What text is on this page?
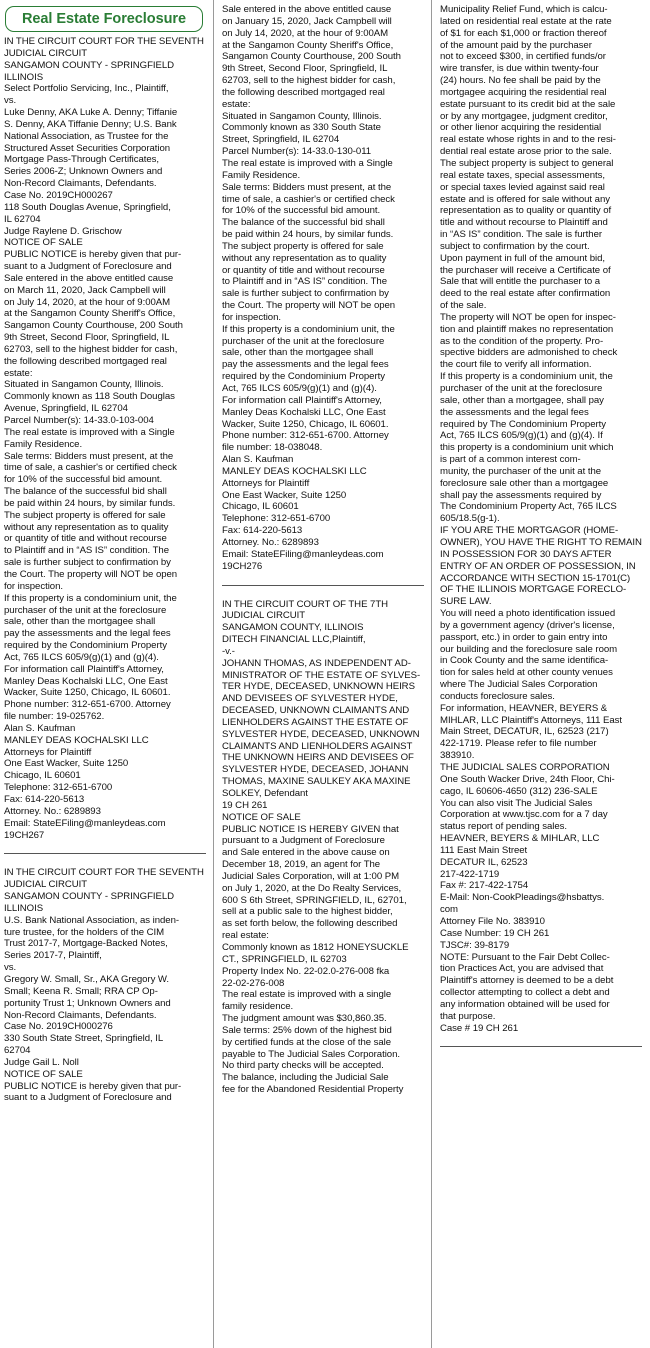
Real Estate Foreclosure
IN THE CIRCUIT COURT FOR THE SEVENTH
JUDICIAL CIRCUIT
SANGAMON COUNTY - SPRINGFIELD
ILLINOIS
Select Portfolio Servicing, Inc., Plaintiff,
vs.
Luke Denny, AKA Luke A. Denny; Tiffanie
S. Denny, AKA Tiffanie Denny; U.S. Bank
National Association, as Trustee for the
Structured Asset Securities Corporation
Mortgage Pass-Through Certificates,
Series 2006-Z; Unknown Owners and
Non-Record Claimants, Defendants.
Case No. 2019CH000267
118 South Douglas Avenue, Springfield,
IL 62704
Judge Raylene D. Grischow
NOTICE OF SALE
PUBLIC NOTICE is hereby given that pur-
suant to a Judgment of Foreclosure and
Sale entered in the above entitled cause
on March 11, 2020, Jack Campbell will
on July 14, 2020, at the hour of 9:00AM
at the Sangamon County Sheriff's Office,
Sangamon County Courthouse, 200 South
9th Street, Second Floor, Springfield, IL
62703, sell to the highest bidder for cash,
the following described mortgaged real
estate:
Situated in Sangamon County, Illinois.
Commonly known as 118 South Douglas
Avenue, Springfield, IL 62704
Parcel Number(s): 14-33.0-103-004
The real estate is improved with a Single
Family Residence.
Sale terms: Bidders must present, at the
time of sale, a cashier's or certified check
for 10% of the successful bid amount.
The balance of the successful bid shall
be paid within 24 hours, by similar funds.
The subject property is offered for sale
without any representation as to quality
or quantity of title and without recourse
to Plaintiff and in “AS IS” condition. The
sale is further subject to confirmation by
the Court. The property will NOT be open
for inspection.
If this property is a condominium unit, the
purchaser of the unit at the foreclosure
sale, other than the mortgagee shall
pay the assessments and the legal fees
required by the Condominium Property
Act, 765 ILCS 605/9(g)(1) and (g)(4).
For information call Plaintiff's Attorney,
Manley Deas Kochalski LLC, One East
Wacker, Suite 1250, Chicago, IL 60601.
Phone number: 312-651-6700. Attorney
file number: 19-025762.
Alan S. Kaufman
MANLEY DEAS KOCHALSKI LLC
Attorneys for Plaintiff
One East Wacker, Suite 1250
Chicago, IL 60601
Telephone: 312-651-6700
Fax: 614-220-5613
Attorney. No.: 6289893
Email: StateEFiling@manleydeas.com
19CH267
IN THE CIRCUIT COURT FOR THE SEVENTH
JUDICIAL CIRCUIT
SANGAMON COUNTY - SPRINGFIELD
ILLINOIS
U.S. Bank National Association, as inden-
ture trustee, for the holders of the CIM
Trust 2017-7, Mortgage-Backed Notes,
Series 2017-7, Plaintiff,
vs.
Gregory W. Small, Sr., AKA Gregory W.
Small; Keena R. Small; RRA CP Op-
portunity Trust 1; Unknown Owners and
Non-Record Claimants, Defendants.
Case No. 2019CH000276
330 South State Street, Springfield, IL
62704
Judge Gail L. Noll
NOTICE OF SALE
PUBLIC NOTICE is hereby given that pur-
suant to a Judgment of Foreclosure and
Sale entered in the above entitled cause
on January 15, 2020, Jack Campbell will
on July 14, 2020, at the hour of 9:00AM
at the Sangamon County Sheriff's Office,
Sangamon County Courthouse, 200 South
9th Street, Second Floor, Springfield, IL
62703, sell to the highest bidder for cash,
the following described mortgaged real
estate:
Situated in Sangamon County, Illinois.
Commonly known as 330 South State
Street, Springfield, IL 62704
Parcel Number(s): 14-33.0-130-011
The real estate is improved with a Single
Family Residence.
Sale terms: Bidders must present, at the
time of sale, a cashier's or certified check
for 10% of the successful bid amount.
The balance of the successful bid shall
be paid within 24 hours, by similar funds.
The subject property is offered for sale
without any representation as to quality
or quantity of title and without recourse
to Plaintiff and in “AS IS” condition. The
sale is further subject to confirmation by
the Court. The property will NOT be open
for inspection.
If this property is a condominium unit, the
purchaser of the unit at the foreclosure
sale, other than the mortgagee shall
pay the assessments and the legal fees
required by the Condominium Property
Act, 765 ILCS 605/9(g)(1) and (g)(4).
For information call Plaintiff's Attorney,
Manley Deas Kochalski LLC, One East
Wacker, Suite 1250, Chicago, IL 60601.
Phone number: 312-651-6700. Attorney
file number: 18-038048.
Alan S. Kaufman
MANLEY DEAS KOCHALSKI LLC
Attorneys for Plaintiff
One East Wacker, Suite 1250
Chicago, IL 60601
Telephone: 312-651-6700
Fax: 614-220-5613
Attorney. No.: 6289893
Email: StateEFiling@manleydeas.com
19CH276
IN THE CIRCUIT COURT OF THE 7TH
JUDICIAL CIRCUIT
SANGAMON COUNTY, ILLINOIS
DITECH FINANCIAL LLC,Plaintiff,
-v.-
JOHANN THOMAS, AS INDEPENDENT AD-
MINISTRATOR OF THE ESTATE OF SYLVES-
TER HYDE, DECEASED, UNKNOWN HEIRS
AND DEVISEES OF SYLVESTER HYDE,
DECEASED, UNKNOWN CLAIMANTS AND
LIENHOLDERS AGAINST THE ESTATE OF
SYLVESTER HYDE, DECEASED, UNKNOWN
CLAIMANTS AND LIENHOLDERS AGAINST
THE UNKNOWN HEIRS AND DEVISEES OF
SYLVESTER HYDE, DECEASED, JOHANN
THOMAS, MAXINE SAULKEY AKA MAXINE
SOLKEY, Defendant
19 CH 261
NOTICE OF SALE
PUBLIC NOTICE IS HEREBY GIVEN that
pursuant to a Judgment of Foreclosure
and Sale entered in the above cause on
December 18, 2019, an agent for The
Judicial Sales Corporation, will at 1:00 PM
on July 1, 2020, at the Do Realty Services,
600 S 6th Street, SPRINGFIELD, IL, 62701,
sell at a public sale to the highest bidder,
as set forth below, the following described
real estate:
Commonly known as 1812 HONEYSUCKLE
CT., SPRINGFIELD, IL 62703
Property Index No. 22-02.0-276-008 fka
22-02-276-008
The real estate is improved with a single
family residence.
The judgment amount was $30,860.35.
Sale terms: 25% down of the highest bid
by certified funds at the close of the sale
payable to The Judicial Sales Corporation.
No third party checks will be accepted.
The balance, including the Judicial Sale
fee for the Abandoned Residential Property
Municipality Relief Fund, which is calcu-
lated on residential real estate at the rate
of $1 for each $1,000 or fraction thereof
of the amount paid by the purchaser
not to exceed $300, in certified funds/or
wire transfer, is due within twenty-four
(24) hours. No fee shall be paid by the
mortgagee acquiring the residential real
estate pursuant to its credit bid at the sale
or by any mortgagee, judgment creditor,
or other lienor acquiring the residential
real estate whose rights in and to the resi-
dential real estate arose prior to the sale.
The subject property is subject to general
real estate taxes, special assessments,
or special taxes levied against said real
estate and is offered for sale without any
representation as to quality or quantity of
title and without recourse to Plaintiff and
in “AS IS” condition. The sale is further
subject to confirmation by the court.
Upon payment in full of the amount bid,
the purchaser will receive a Certificate of
Sale that will entitle the purchaser to a
deed to the real estate after confirmation
of the sale.
The property will NOT be open for inspec-
tion and plaintiff makes no representation
as to the condition of the property. Pro-
spective bidders are admonished to check
the court file to verify all information.
If this property is a condominium unit, the
purchaser of the unit at the foreclosure
sale, other than a mortgagee, shall pay
the assessments and the legal fees
required by The Condominium Property
Act, 765 ILCS 605/9(g)(1) and (g)(4). If
this property is a condominium unit which
is part of a common interest com-
munity, the purchaser of the unit at the
foreclosure sale other than a mortgagee
shall pay the assessments required by
The Condominium Property Act, 765 ILCS
605/18.5(g-1).
IF YOU ARE THE MORTGAGOR (HOME-
OWNER), YOU HAVE THE RIGHT TO REMAIN
IN POSSESSION FOR 30 DAYS AFTER
ENTRY OF AN ORDER OF POSSESSION, IN
ACCORDANCE WITH SECTION 15-1701(C)
OF THE ILLINOIS MORTGAGE FORECLO-
SURE LAW.
You will need a photo identification issued
by a government agency (driver's license,
passport, etc.) in order to gain entry into
our building and the foreclosure sale room
in Cook County and the same identifica-
tion for sales held at other county venues
where The Judicial Sales Corporation
conducts foreclosure sales.
For information, HEAVNER, BEYERS &
MIHLAR, LLC Plaintiff's Attorneys, 111 East
Main Street, DECATUR, IL, 62523 (217)
422-1719. Please refer to file number
383910.
THE JUDICIAL SALES CORPORATION
One South Wacker Drive, 24th Floor, Chi-
cago, IL 60606-4650 (312) 236-SALE
You can also visit The Judicial Sales
Corporation at www.tjsc.com for a 7 day
status report of pending sales.
HEAVNER, BEYERS & MIHLAR, LLC
111 East Main Street
DECATUR IL, 62523
217-422-1719
Fax #: 217-422-1754
E-Mail: Non-CookPleadings@hsbattys.
com
Attorney File No. 383910
Case Number: 19 CH 261
TJSC#: 39-8179
NOTE: Pursuant to the Fair Debt Collec-
tion Practices Act, you are advised that
Plaintiff's attorney is deemed to be a debt
collector attempting to collect a debt and
any information obtained will be used for
that purpose.
Case # 19 CH 261
